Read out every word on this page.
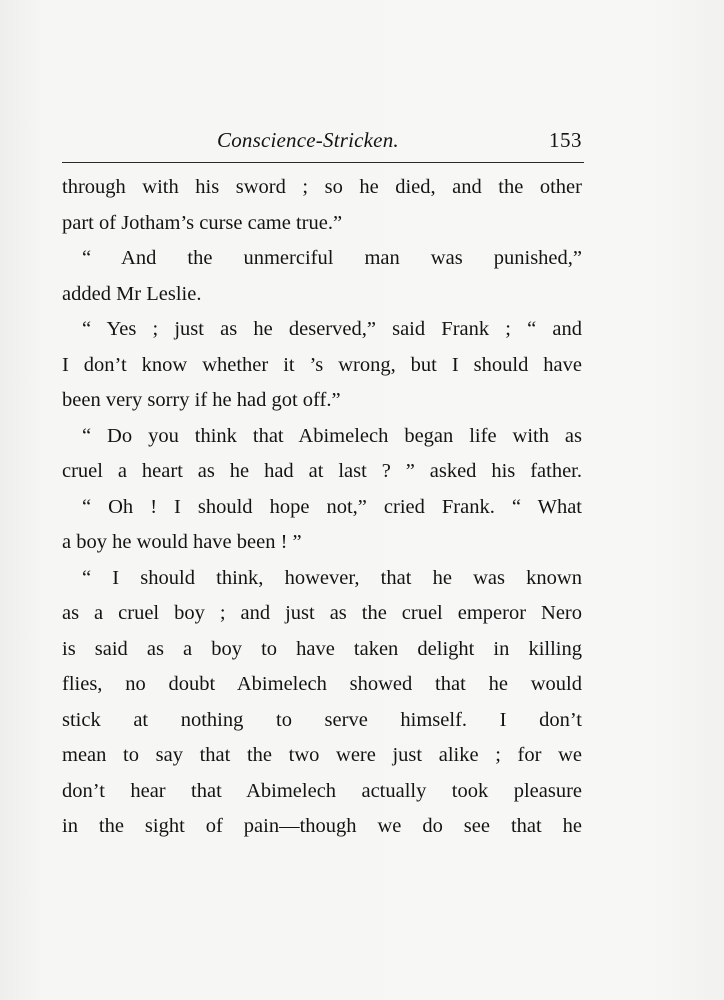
Conscience-Stricken.	153
through with his sword ; so he died, and the other
part of Jotham’s curse came true.”
“ And the unmerciful man was punished,”
added Mr Leslie.
“ Yes ; just as he deserved,” said Frank ; “ and
I don’t know whether it ’s wrong, but I should have
been very sorry if he had got off.”
“ Do you think that Abimelech began life with as
cruel a heart as he had at last ? ” asked his father.
“ Oh ! I should hope not,” cried Frank. “ What
a boy he would have been ! ”
“ I should think, however, that he was known
as a cruel boy ; and just as the cruel emperor Nero
is said as a boy to have taken delight in killing
flies, no doubt Abimelech showed that he would
stick at nothing to serve himself. I don’t
mean to say that the two were just alike ; for we
don’t hear that Abimelech actually took pleasure
in the sight of pain—though we do see that he
